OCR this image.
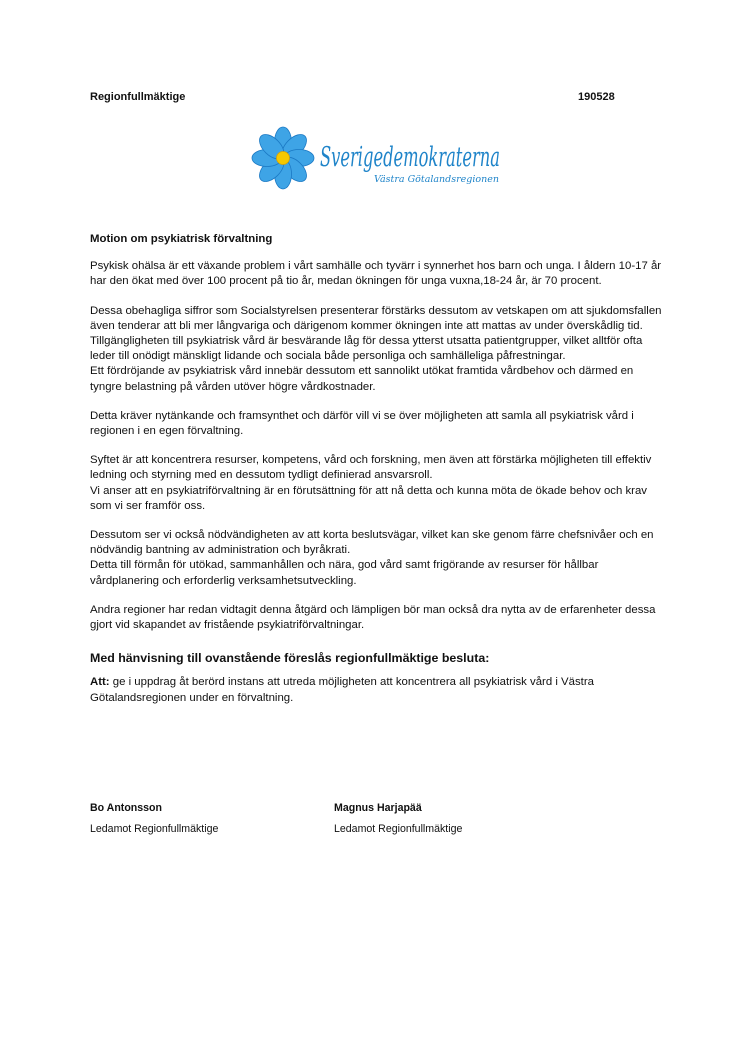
Regionfullmäktige	190528
Sverigedemokraterna
Västra Götalandsregionen

Motion om psykiatrisk förvaltning

Psykisk ohälsa är ett växande problem i vårt samhälle och tyvärr i synnerhet hos barn och unga. I åldern 10-17 år har den ökat med över 100 procent på tio år, medan ökningen för unga vuxna,18-24 år, är 70 procent.

Dessa obehagliga siffror som Socialstyrelsen presenterar förstärks dessutom av vetskapen om att sjukdomsfallen även tenderar att bli mer långvariga och därigenom kommer ökningen inte att mattas av under överskådlig tid.

Tillgängligheten till psykiatrisk vård är besvärande låg för dessa ytterst utsatta patientgrupper, vilket alltför ofta leder till onödigt mänskligt lidande och sociala både personliga och samhälleliga påfrestningar.

Ett fördröjande av psykiatrisk vård innebär dessutom ett sannolikt utökat framtida vårdbehov och därmed en tyngre belastning på vården utöver högre vårdkostnader.

Detta kräver nytänkande och framsynthet och därför vill vi se över möjligheten att samla all psykiatrisk vård i regionen i en egen förvaltning.

Syftet är att koncentrera resurser, kompetens, vård och forskning, men även att förstärka möjligheten till effektiv ledning och styrning med en dessutom tydligt definierad ansvarsroll.

Vi anser att en psykiatriförvaltning är en förutsättning för att nå detta och kunna möta de ökade behov och krav som vi ser framför oss.

Dessutom ser vi också nödvändigheten av att korta beslutsvägar, vilket kan ske genom färre chefsnivåer och en nödvändig bantning av administration och byråkrati.

Detta till förmån för utökad, sammanhållen och nära, god vård samt frigörande av resurser för hållbar vårdplanering och erforderlig verksamhetsutveckling.

Andra regioner har redan vidtagit denna åtgärd och lämpligen bör man också dra nytta av de erfarenheter dessa gjort vid skapandet av fristående psykiatriförvaltningar.

Med hänvisning till ovanstående föreslås regionfullmäktige besluta:

Att: ge i uppdrag åt berörd instans att utreda möjligheten att koncentrera all psykiatrisk vård i Västra Götalandsregionen under en förvaltning.

Bo Antonsson
Ledamot Regionfullmäktige
Magnus Harjapää
Ledamot Regionfullmäktige
